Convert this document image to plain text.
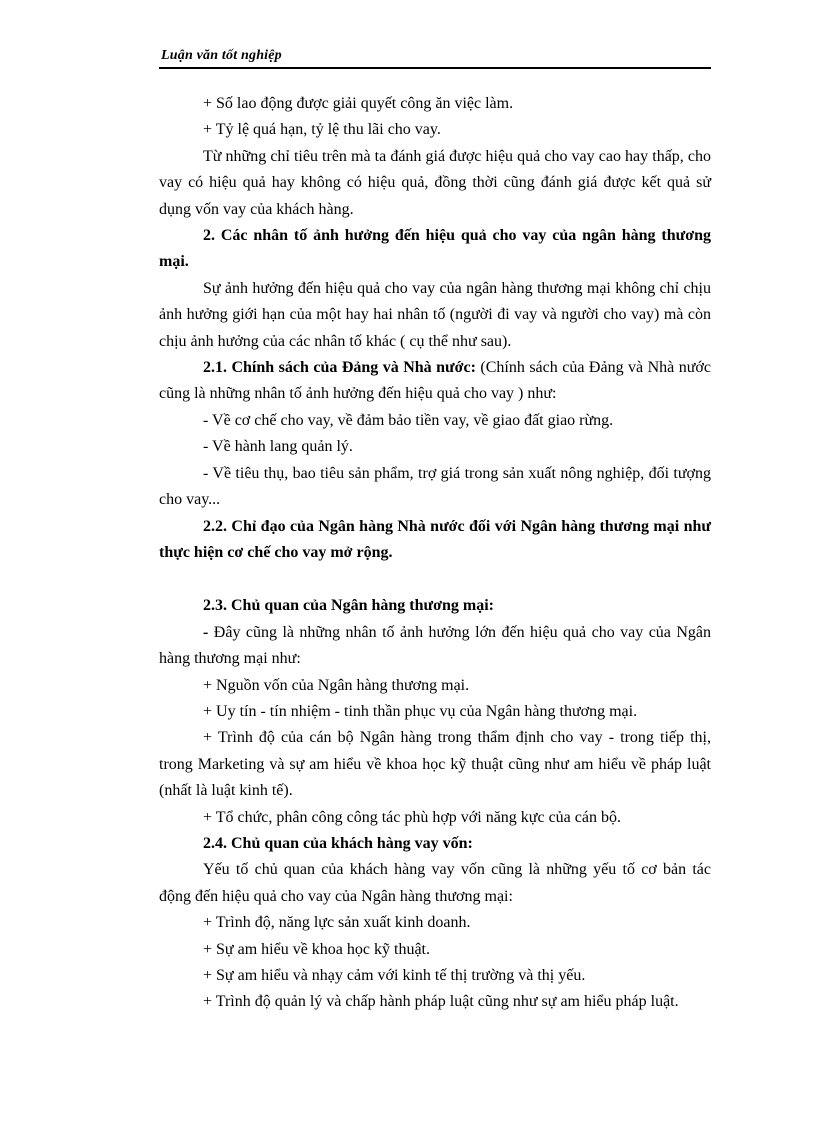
Luận văn tốt nghiệp

+ Số lao động được giải quyết công ăn việc làm.

+ Tỷ lệ quá hạn, tỷ lệ thu lãi cho vay.

Từ những chỉ tiêu trên mà ta đánh giá được hiệu quả cho vay cao hay thấp, cho vay có hiệu quả hay không có hiệu quả, đồng thời cũng đánh giá được kết quả sử dụng vốn vay của khách hàng.

2. Các nhân tố ảnh hưởng đến hiệu quả cho vay của ngân hàng thương mại.

Sự ảnh hưởng đến hiệu quả cho vay của ngân hàng thương mại không chỉ chịu ảnh hưởng giới hạn của một hay hai nhân tố (người đi vay và người cho vay) mà còn chịu ảnh hưởng của các nhân tố khác ( cụ thể như sau).

2.1. Chính sách của Đảng và Nhà nước: (Chính sách của Đảng và Nhà nước cũng là những nhân tố ảnh hưởng đến hiệu quả cho vay ) như:

- Về cơ chế cho vay, về đảm bảo tiền vay, về giao đất giao rừng.

- Về hành lang quản lý.

- Về tiêu thụ, bao tiêu sản phẩm, trợ giá trong sản xuất nông nghiệp, đối tượng cho vay...

2.2. Chỉ đạo của Ngân hàng Nhà nước đối với Ngân hàng thương mại như thực hiện cơ chế cho vay mở rộng.

2.3. Chủ quan của Ngân hàng thương mại:

- Đây cũng là những nhân tố ảnh hưởng lớn đến hiệu quả cho vay của Ngân hàng thương mại như:

+ Nguồn vốn của Ngân hàng thương mại.

+ Uy tín - tín nhiệm - tinh thần phục vụ của Ngân hàng thương mại.

+ Trình độ của cán bộ Ngân hàng trong thẩm định cho vay - trong tiếp thị, trong Marketing và sự am hiểu về khoa học kỹ thuật cũng như am hiểu về pháp luật (nhất là luật kinh tế).

+ Tổ chức, phân công công tác phù hợp với năng kực của cán bộ.

2.4. Chủ quan của khách hàng vay vốn:

Yếu tố chủ quan của khách hàng vay vốn cũng là những yếu tố cơ bản tác động đến hiệu quả cho vay của Ngân hàng thương mại:

+ Trình độ, năng lực sản xuất kinh doanh.

+ Sự am hiểu về khoa học kỹ thuật.

+ Sự am hiểu và nhạy cảm với kinh tế thị trường và thị yếu.

+ Trình độ quản lý và chấp hành pháp luật cũng như sự am hiểu pháp luật.
